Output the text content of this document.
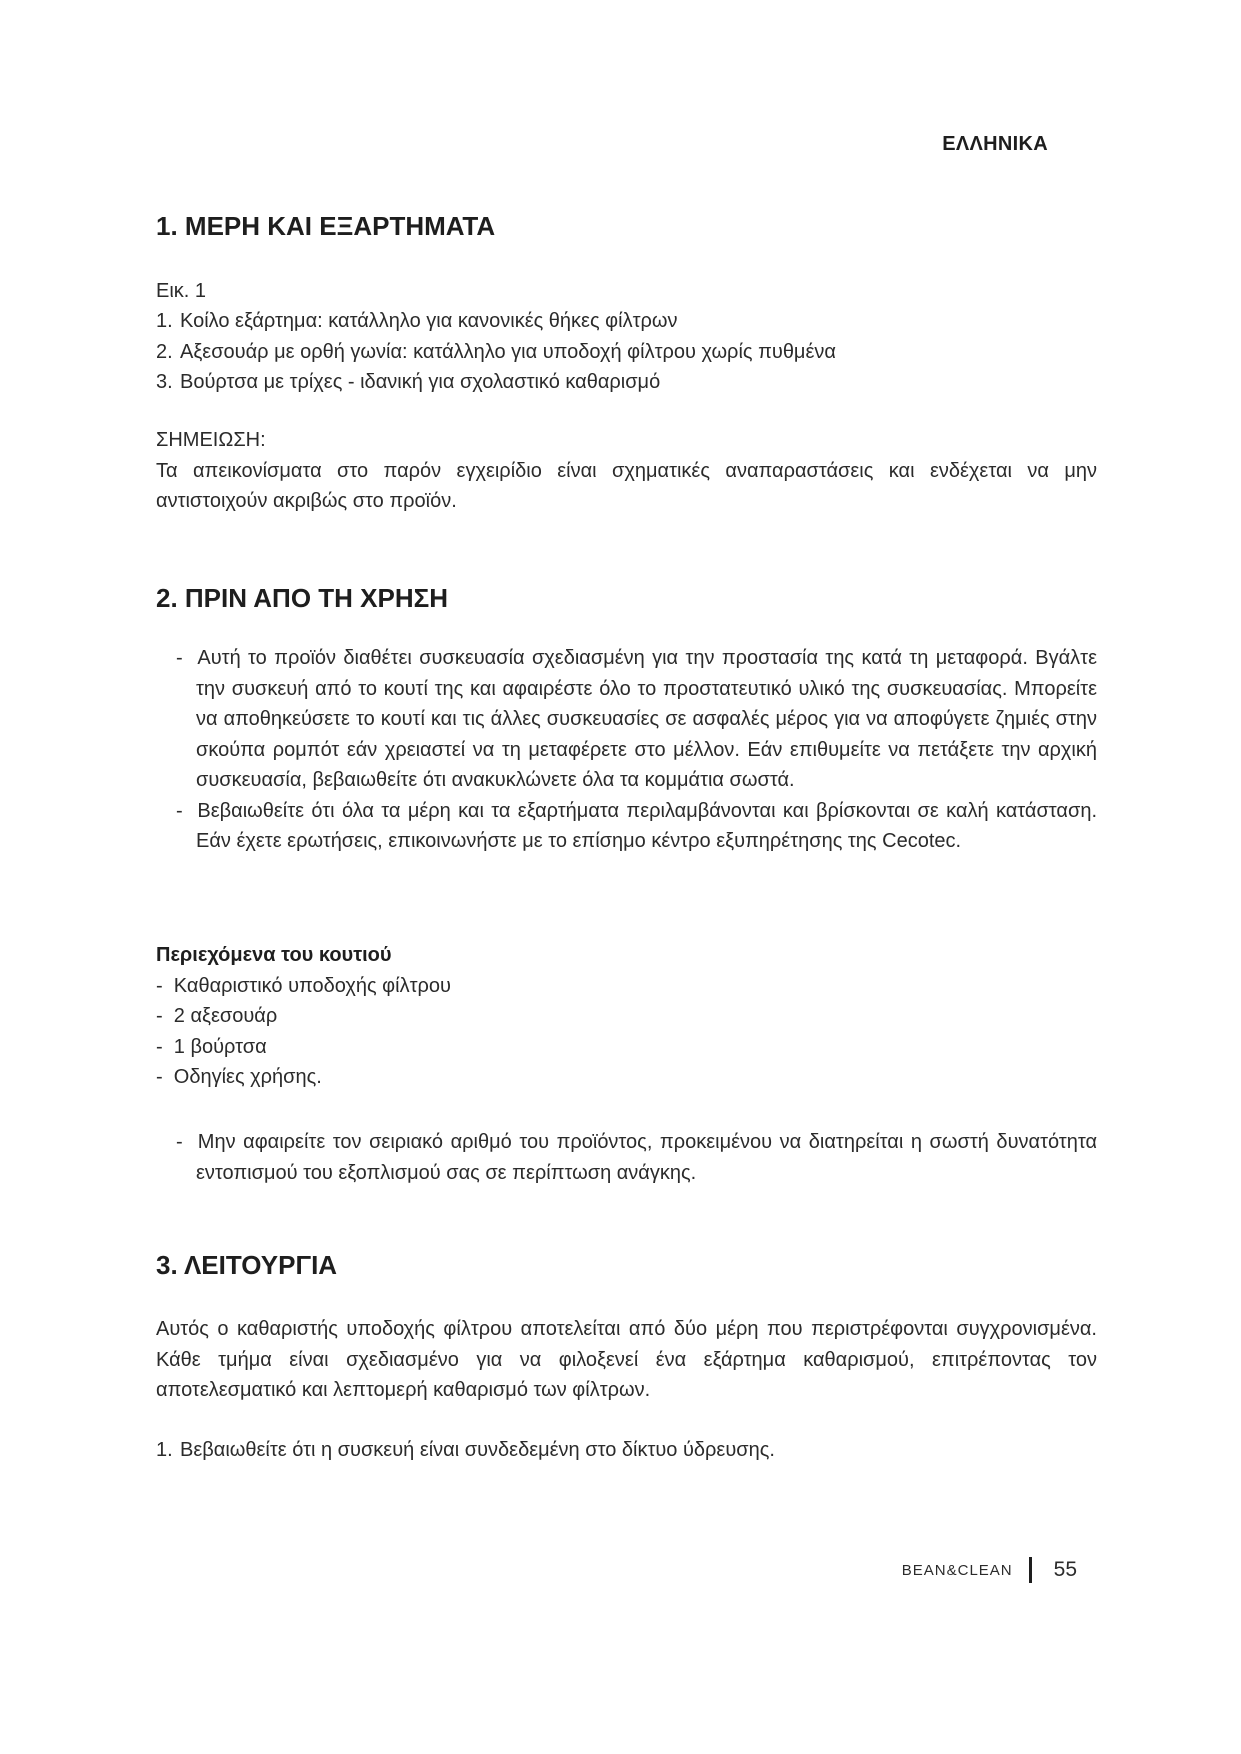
ΕΛΛΗΝΙΚΑ
1. ΜΕΡΗ ΚΑΙ ΕΞΑΡΤΗΜΑΤΑ

Εικ. 1

1. Κοίλο εξάρτημα: κατάλληλο για κανονικές θήκες φίλτρων
2. Αξεσουάρ με ορθή γωνία: κατάλληλο για υποδοχή φίλτρου χωρίς πυθμένα
3. Βούρτσα με τρίχες - ιδανική για σχολαστικό καθαρισμό

ΣΗΜΕΙΩΣΗ:

Τα απεικονίσματα στο παρόν εγχειρίδιο είναι σχηματικές αναπαραστάσεις και ενδέχεται να μην αντιστοιχούν ακριβώς στο προϊόν.

2. ΠΡΙΝ ΑΠΟ ΤΗ ΧΡΗΣΗ

-  Αυτή το προϊόν διαθέτει συσκευασία σχεδιασμένη για την προστασία της κατά τη μεταφορά. Βγάλτε την συσκευή από το κουτί της και αφαιρέστε όλο το προστατευτικό υλικό της συσκευασίας. Μπορείτε να αποθηκεύσετε το κουτί και τις άλλες συσκευασίες σε ασφαλές μέρος για να αποφύγετε ζημιές στην σκούπα ρομπότ εάν χρειαστεί να τη μεταφέρετε στο μέλλον. Εάν επιθυμείτε να πετάξετε την αρχική συσκευασία, βεβαιωθείτε ότι ανακυκλώνετε όλα τα κομμάτια σωστά.

-  Βεβαιωθείτε ότι όλα τα μέρη και τα εξαρτήματα περιλαμβάνονται και βρίσκονται σε καλή κατάσταση. Εάν έχετε ερωτήσεις, επικοινωνήστε με το επίσημο κέντρο εξυπηρέτησης της Cecotec.

Περιεχόμενα του κουτιού

-  Καθαριστικό υποδοχής φίλτρου

-  2 αξεσουάρ

-  1 βούρτσα

-  Οδηγίες χρήσης.

-  Μην αφαιρείτε τον σειριακό αριθμό του προϊόντος, προκειμένου να διατηρείται η σωστή δυνατότητα εντοπισμού του εξοπλισμού σας σε περίπτωση ανάγκης.

3. ΛΕΙΤΟΥΡΓΙΑ

Αυτός ο καθαριστής υποδοχής φίλτρου αποτελείται από δύο μέρη που περιστρέφονται συγχρονισμένα. Κάθε τμήμα είναι σχεδιασμένο για να φιλοξενεί ένα εξάρτημα καθαρισμού, επιτρέποντας τον αποτελεσματικό και λεπτομερή καθαρισμό των φίλτρων.

1. Βεβαιωθείτε ότι η συσκευή είναι συνδεδεμένη στο δίκτυο ύδρευσης.
BEAN&CLEAN 55
